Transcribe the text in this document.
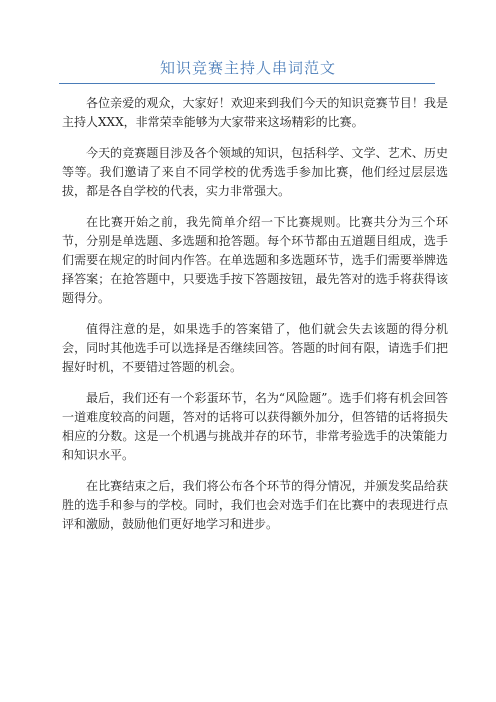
知识竞赛主持人串词范文

各位亲爱的观众，大家好！欢迎来到我们今天的知识竞赛节目！我是主持人XXX，非常荣幸能够为大家带来这场精彩的比赛。

今天的竞赛题目涉及各个领域的知识，包括科学、文学、艺术、历史等等。我们邀请了来自不同学校的优秀选手参加比赛，他们经过层层选拔，都是各自学校的代表，实力非常强大。

在比赛开始之前，我先简单介绍一下比赛规则。比赛共分为三个环节，分别是单选题、多选题和抢答题。每个环节都由五道题目组成，选手们需要在规定的时间内作答。在单选题和多选题环节，选手们需要举牌选择答案；在抢答题中，只要选手按下答题按钮，最先答对的选手将获得该题得分。

值得注意的是，如果选手的答案错了，他们就会失去该题的得分机会，同时其他选手可以选择是否继续回答。答题的时间有限，请选手们把握好时机，不要错过答题的机会。

最后，我们还有一个彩蛋环节，名为“风险题”。选手们将有机会回答一道难度较高的问题，答对的话将可以获得额外加分，但答错的话将损失相应的分数。这是一个机遇与挑战并存的环节，非常考验选手的决策能力和知识水平。

在比赛结束之后，我们将公布各个环节的得分情况，并颁发奖品给获胜的选手和参与的学校。同时，我们也会对选手们在比赛中的表现进行点评和激励，鼓励他们更好地学习和进步。
